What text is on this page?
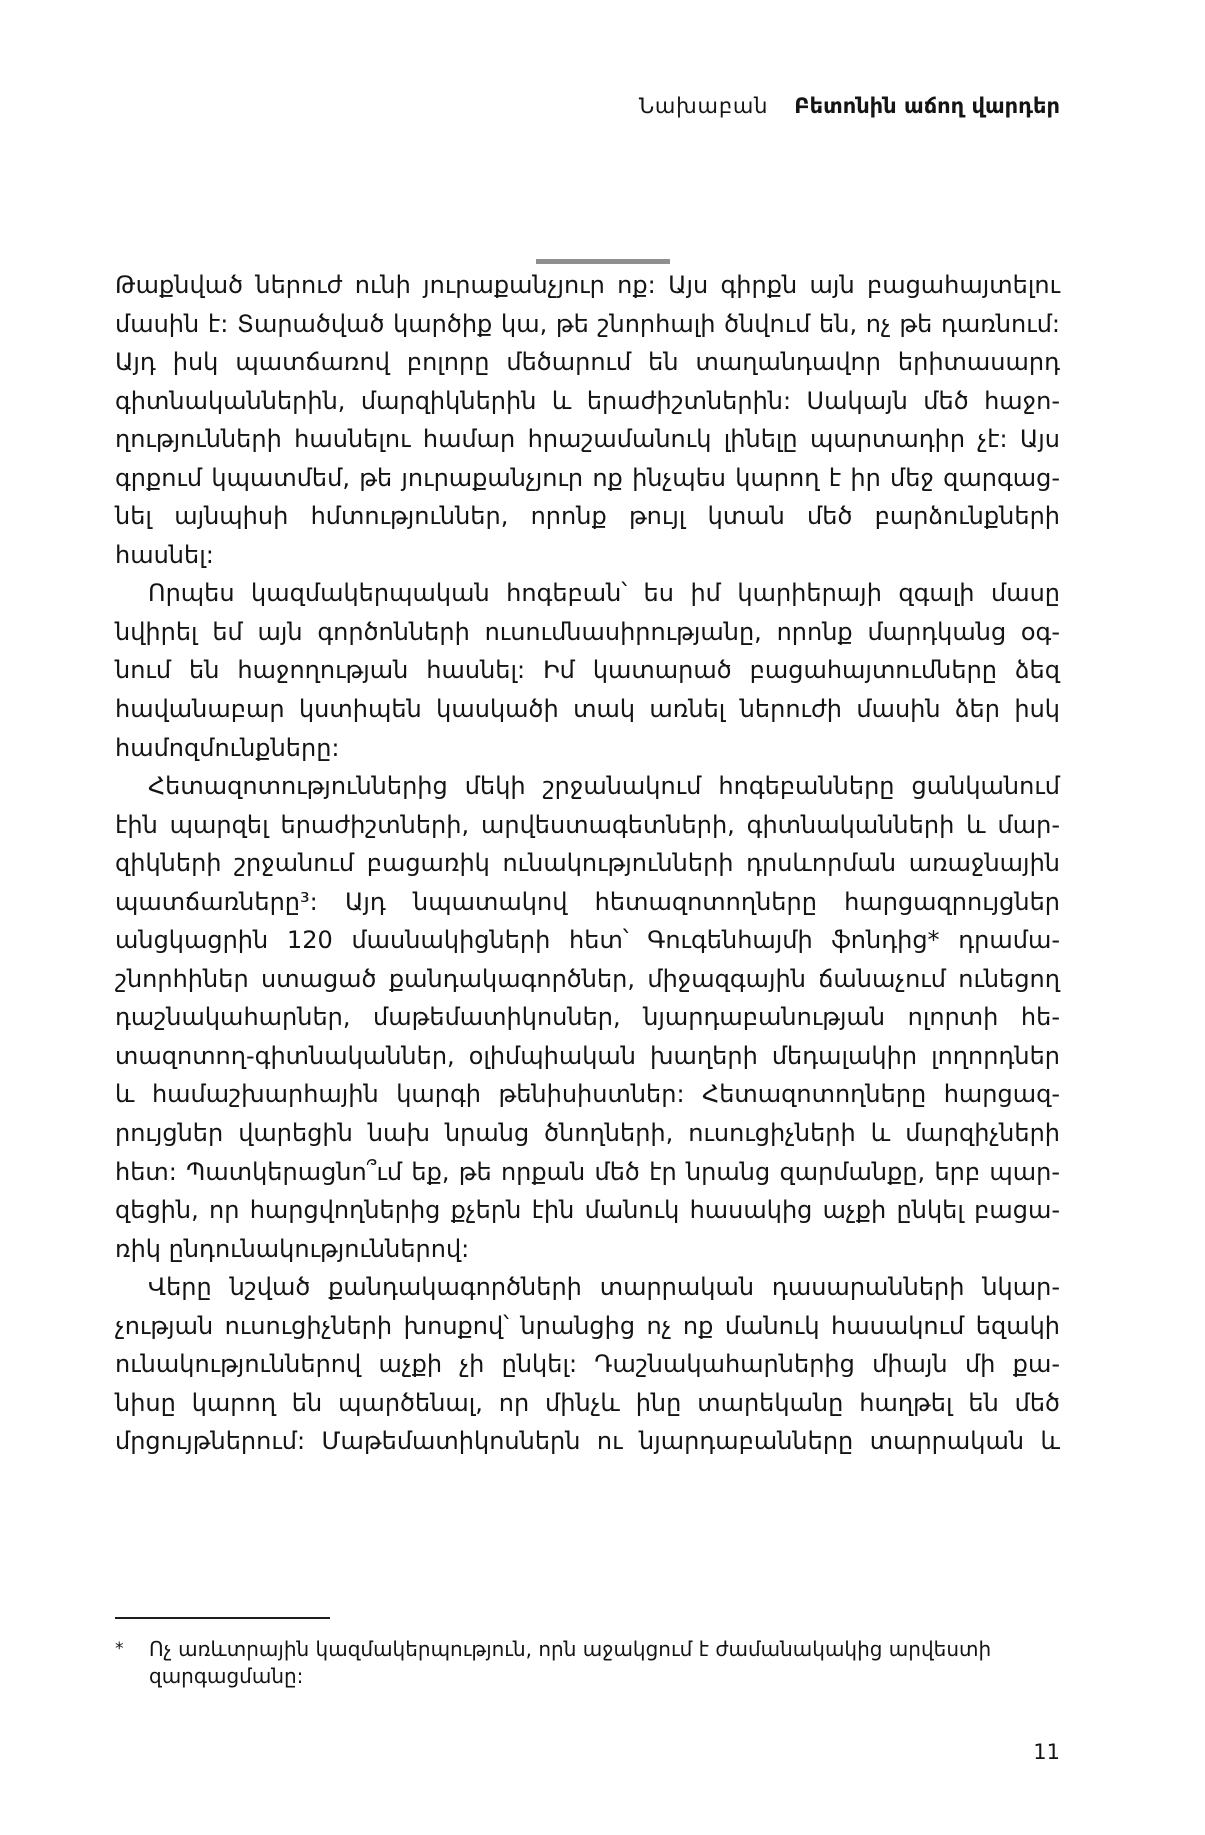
Նախաբան Բետոնին աճող վարդեր
Թաքնված ներուժ ունի յուրաքանչյուր ոք: Այս գիրքն այն բացահայտելու
մասին է: Տարածված կարծիք կա, թե շնորհալի ծնվում են, ոչ թե դառնում:
Այդ իսկ պատճառով բոլորը մեծարում են տաղանդավոր երիտասարդ
գիտնականներին, մարզիկներին և երաժիշտներին: Սակայն մեծ հաջո-
ղությունների հասնելու համար հրաշամանուկ լինելը պարտադիր չէ: Այս
գրքում կպատմեմ, թե յուրաքանչյուր ոք ինչպես կարող է իր մեջ զարգաց-
նել այնպիսի հմտություններ, որոնք թույլ կտան մեծ բարձունքների հասնել:
Որպես կազմակերպական հոգեբան՝ ես իմ կարիերայի զգալի մասը
նվիրել եմ այն գործոնների ուսումնասիրությանը, որոնք մարդկանց օգ-
նում են հաջողության հասնել: Իմ կատարած բացահայտումները ձեզ
հավանաբար կստիպեն կասկածի տակ առնել ներուժի մասին ձեր իսկ
համոզմունքները:
Հետազոտություններից մեկի շրջանակում հոգեբանները ցանկանում
էին պարզել երաժիշտների, արվեստագետների, գիտնականների և մար-
զիկների շրջանում բացառիկ ունակությունների դրսևորման առաջնային
պատճառները³: Այդ նպատակով հետազոտողները հարցազրույցներ
անցկացրին 120 մասնակիցների հետ՝ Գուգենհայմի ֆոնդից* դրամա-
շնորհիներ ստացած քանդակագործներ, միջազգային ճանաչում ունեցող
դաշնակահարներ, մաթեմատիկոսներ, նյարդաբանության ոլորտի հե-
տազոտող-գիտնականներ, օլիմպիական խաղերի մեդալակիր լողորդներ
և համաշխարհային կարգի թենիսիստներ: Հետազոտողները հարցազ-
րույցներ վարեցին նախ նրանց ծնողների, ուսուցիչների և մարզիչների
հետ: Պատկերացնո՞ւմ եք, թե որքան մեծ էր նրանց զարմանքը, երբ պար-
զեցին, որ հարցվողներից քչերն էին մանուկ հասակից աչքի ընկել բացա-
ռիկ ընդունակություններով:
Վերը նշված քանդակագործների տարրական դասարանների նկար-
չության ուսուցիչների խոսքով՝ նրանցից ոչ ոք մանուկ հասակում եզակի
ունակություններով աչքի չի ընկել: Դաշնակահարներից միայն մի քա-
նիսը կարող են պարծենալ, որ մինչև ինը տարեկանը հաղթել են մեծ
մրցույթներում: Մաթեմատիկոսներն ու նյարդաբանները տարրական և
*	Ոչ առևտրային կազմակերպություն, որն աջակցում է ժամանակակից արվեստի զարգացմանը:
11
